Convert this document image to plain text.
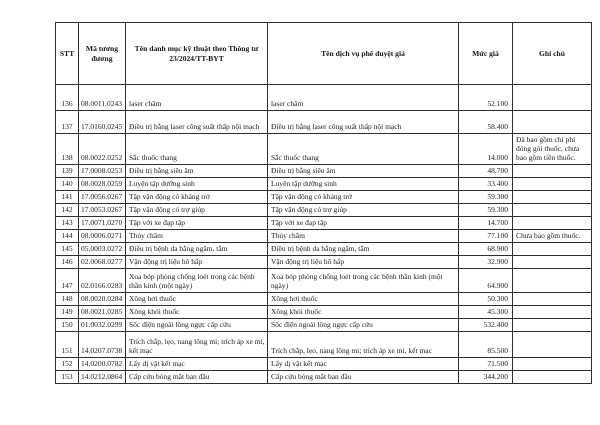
STT	Mã tương đương	Tên danh mục kỹ thuật theo Thông tư 23/2024/TT-BYT	Tên dịch vụ phê duyệt giá	Mức giá	Ghi chú
136	08.0011.0243	laser châm	laser châm	52.100	
137	17.0160.0245	Điều trị bằng laser công suất thấp nội mạch	Điều trị bằng laser công suất thấp nội mạch	58.400	
138	08.0022.0252	Sắc thuốc thang	Sắc thuốc thang	14.000	Đã bao gồm chi phí đóng gói thuốc, chưa bao gồm tiền thuốc.
139	17.0008.0253	Điều trị bằng siêu âm	Điều trị bằng siêu âm	48.700	
140	08.0028.0259	Luyện tập dưỡng sinh	Luyện tập dưỡng sinh	33.400	
141	17.0056.0267	Tập vận động có kháng trở	Tập vận động có kháng trở	59.300	
142	17.0053.0267	Tập vận động có trợ giúp	Tập vận động có trợ giúp	59.300	
143	17.0071.0270	Tập với xe đạp tập	Tập với xe đạp tập	14.700	
144	08.0006.0271	Thủy châm	Thủy châm	77.100	Chưa bao gồm thuốc.
145	05.0003.0272	Điều trị bệnh da bằng ngâm, tắm	Điều trị bệnh da bằng ngâm, tắm	68.900	
146	02.0068.0277	Vận động trị liệu hô hấp	Vận động trị liệu hô hấp	32.900	
147	02.0166.0283	Xoa bóp phòng chống loét trong các bệnh thần kinh (một ngày)	Xoa bóp phòng chống loét trong các bệnh thần kinh (một ngày)	64.900	
148	08.0020.0284	Xông hơi thuốc	Xông hơi thuốc	50.300	
149	08.0021.0285	Xông khói thuốc	Xông khói thuốc	45.300	
150	01.0032.0299	Sốc điện ngoài lồng ngực cấp cứu	Sốc điện ngoài lồng ngực cấp cứu	532.400	
151	14.0207.0738	Trích chắp, lẹo, nang lông mi; trích áp xe mi, kết mạc	Trích chắp, lẹo, nang lông mi; trích áp xe mi, kết mạc	85.500	
152	14.0200.0782	Lấy dị vật kết mạc	Lấy dị vật kết mạc	71.500	
153	14.0212.0864	Cấp cứu bỏng mắt ban đầu	Cấp cứu bỏng mắt ban đầu	344.200	
